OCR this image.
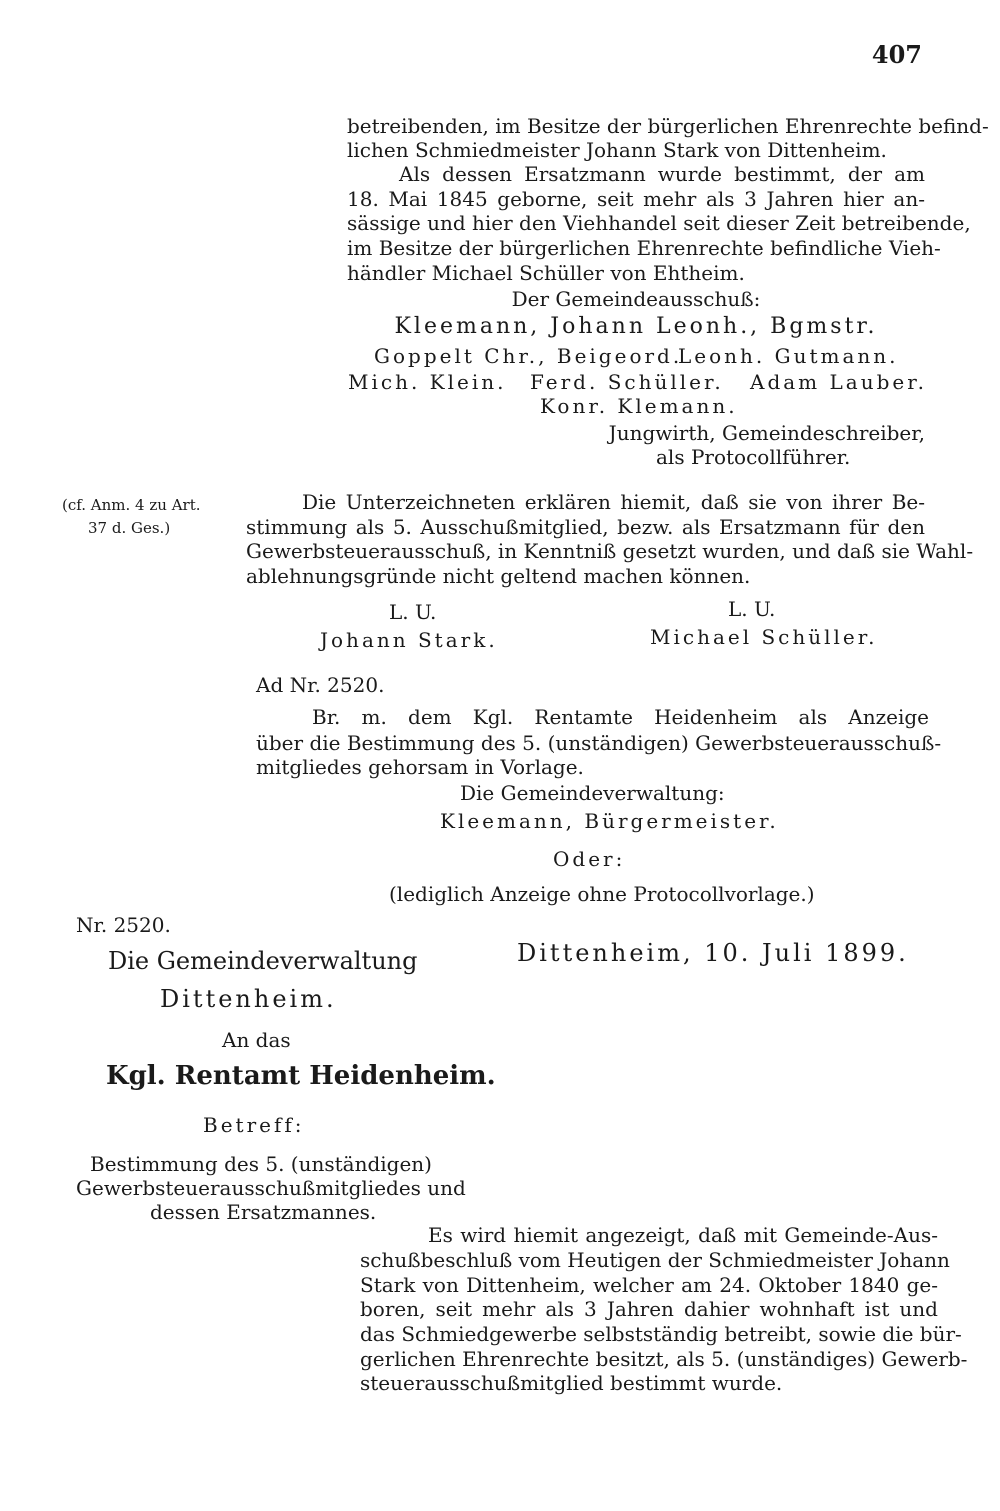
407
betreibenden, im Besitze der bürgerlichen Ehrenrechte befind-
lichen Schmiedmeister Johann Stark von Dittenheim.
Als dessen Ersatzmann wurde bestimmt, der am
18. Mai 1845 geborne, seit mehr als 3 Jahren hier an-
sässige und hier den Viehhandel seit dieser Zeit betreibende,
im Besitze der bürgerlichen Ehrenrechte befindliche Vieh-
händler Michael Schüller von Ehtheim.
Der Gemeindeausschuß:
Kleemann, Johann Leonh., Bgmstr.
Goppelt Chr., Beigeord.
Leonh. Gutmann.
Mich. Klein. Ferd. Schüller. Adam Lauber.
Konr. Klemann.
Jungwirth, Gemeindeschreiber,
als Protocollführer.
(cf. Anm. 4 zu Art.
37 d. Ges.)
Die Unterzeichneten erklären hiemit, daß sie von ihrer Be-
stimmung als 5. Ausschußmitglied, bezw. als Ersatzmann für den
Gewerbsteuerausschuß, in Kenntniß gesetzt wurden, und daß sie Wahl-
ablehnungsgründe nicht geltend machen können.
L. U.	L. U.
Johann Stark.	Michael Schüller.
Ad Nr. 2520.
Br. m. dem Kgl. Rentamte Heidenheim als Anzeige
über die Bestimmung des 5. (unständigen) Gewerbsteuerausschuß-
mitgliedes gehorsam in Vorlage.
Die Gemeindeverwaltung:
Kleemann, Bürgermeister.
Oder:
(lediglich Anzeige ohne Protocollvorlage.)
Nr. 2520.
Die Gemeindeverwaltung
Dittenheim.
Dittenheim, 10. Juli 1899.
An das
Kgl. Rentamt Heidenheim.
Betreff:
Bestimmung des 5. (unständigen)
Gewerbsteuerausschußmitgliedes und
dessen Ersatzmannes.
Es wird hiemit angezeigt, daß mit Gemeinde-Aus-
schußbeschluß vom Heutigen der Schmiedmeister Johann
Stark von Dittenheim, welcher am 24. Oktober 1840 ge-
boren, seit mehr als 3 Jahren dahier wohnhaft ist und
das Schmiedgewerbe selbstständig betreibt, sowie die bür-
gerlichen Ehrenrechte besitzt, als 5. (unständiges) Gewerb-
steuerausschußmitglied bestimmt wurde.
